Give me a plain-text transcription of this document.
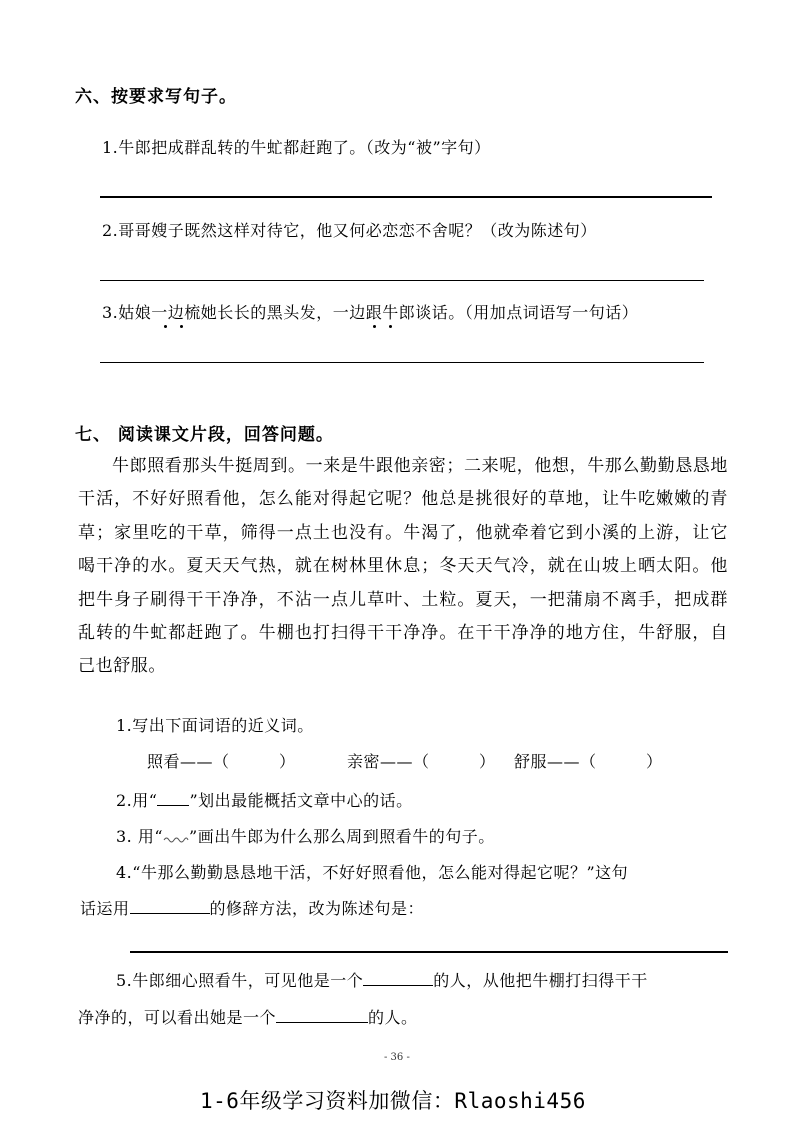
六、按要求写句子。
1.牛郎把成群乱转的牛虻都赶跑了。（改为“被”字句）
2.哥哥嫂子既然这样对待它，他又何必恋恋不舍呢？（改为陈述句）
3.姑娘一边梳她长长的黑头发，一边跟牛郎谈话。（用加点词语写一句话）
七、 阅读课文片段，回答问题。
牛郎照看那头牛挺周到。一来是牛跟他亲密；二来呢，他想，牛那么勤勤恳恳地干活，不好好照看他，怎么能对得起它呢？他总是挑很好的草地，让牛吃嫩嫩的青草；家里吃的干草，筛得一点土也没有。牛渴了，他就牵着它到小溪的上游，让它喝干净的水。夏天天气热，就在树林里休息；冬天天气冷，就在山坡上晒太阳。他把牛身子刷得干干净净，不沾一点儿草叶、土粒。夏天，一把蒲扇不离手，把成群乱转的牛虻都赶跑了。牛棚也打扫得干干净净。在干干净净的地方住，牛舒服，自己也舒服。
1.写出下面词语的近义词。
照看——（　　　）	亲密——（　　　） 舒服——（　　　）
2.用“ ”划出最能概括文章中心的话。
3. 用“ ”画出牛郎为什么那么周到照看牛的句子。
4.“牛那么勤勤恳恳地干活，不好好照看他，怎么能对得起它呢？”这句
话运用	的修辞方法，改为陈述句是：
5.牛郎细心照看牛，可见他是一个	的人，从他把牛棚打扫得干干
净净的，可以看出她是一个	的人。
- 36 -
1-6年级学习资料加微信：Rlaoshi456
